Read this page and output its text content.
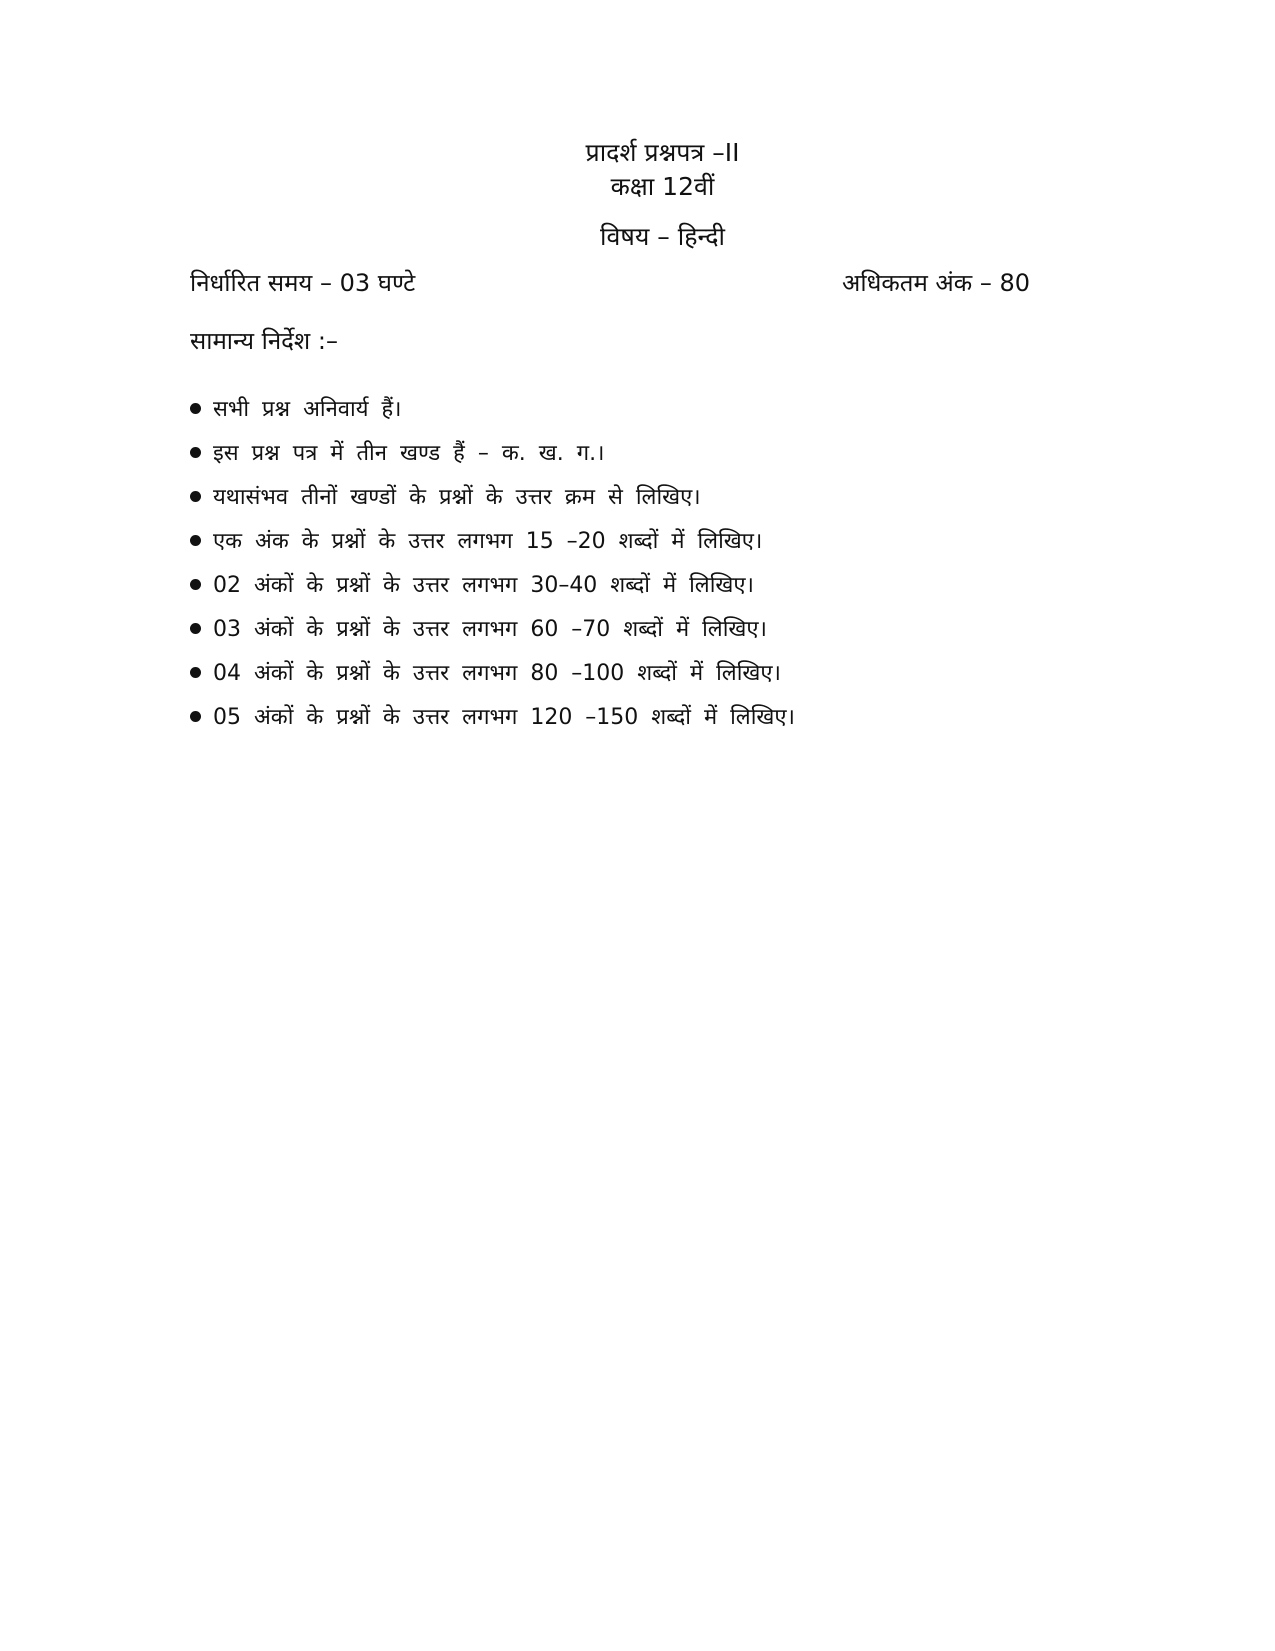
प्रादर्श प्रश्नपत्र –II
कक्षा 12वीं
विषय – हिन्दी
निर्धारित समय – 03 घण्टे	अधिकतम अंक – 80
सामान्य निर्देश :–
सभी प्रश्न अनिवार्य हैं।
इस प्रश्न पत्र में तीन खण्ड हैं – क. ख. ग.।
यथासंभव तीनों खण्डों के प्रश्नों के उत्तर क्रम से लिखिए।
एक अंक के प्रश्नों के उत्तर लगभग 15 –20 शब्दों में लिखिए।
02 अंकों के प्रश्नों के उत्तर लगभग 30–40 शब्दों में लिखिए।
03 अंकों के प्रश्नों के उत्तर लगभग 60 –70 शब्दों में लिखिए।
04 अंकों के प्रश्नों के उत्तर लगभग 80 –100 शब्दों में लिखिए।
05 अंकों के प्रश्नों के उत्तर लगभग 120 –150 शब्दों में लिखिए।
